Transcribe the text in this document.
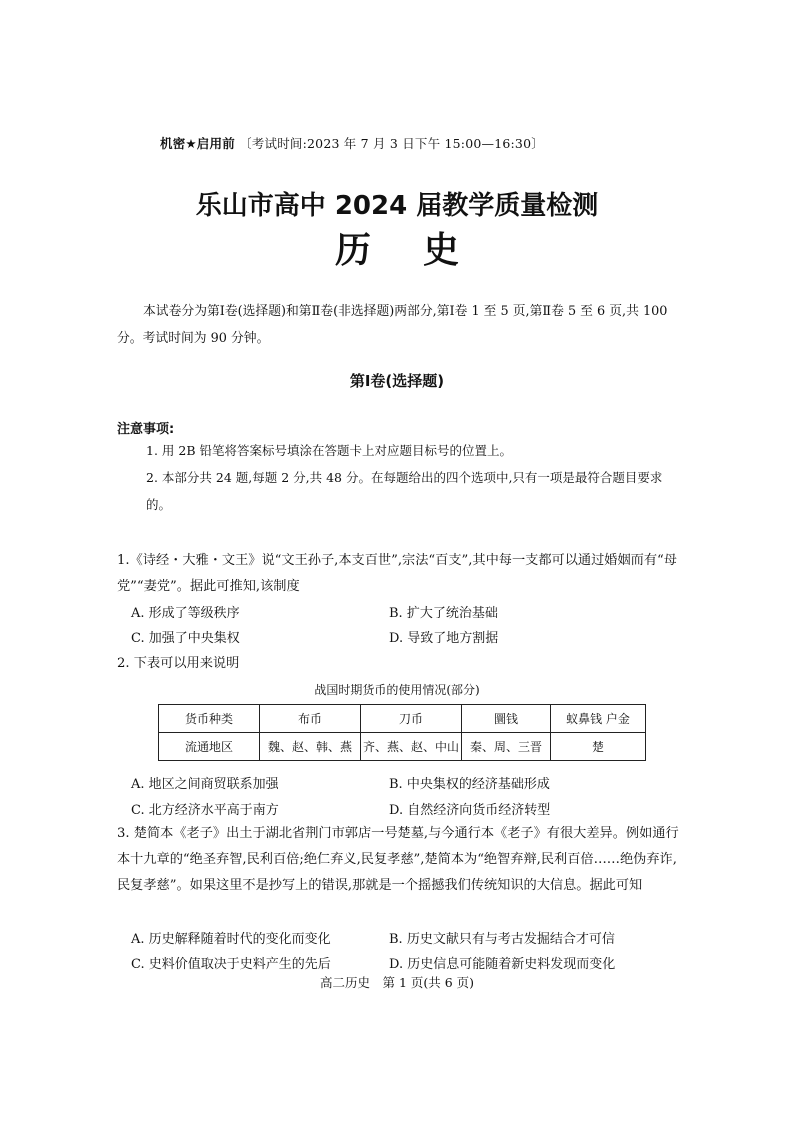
机密★启用前 〔考试时间:2023 年 7 月 3 日下午 15:00—16:30〕
乐山市高中 2024 届教学质量检测
历 史
本试卷分为第Ⅰ卷(选择题)和第Ⅱ卷(非选择题)两部分,第Ⅰ卷 1 至 5 页,第Ⅱ卷 5 至 6 页,共 100 分。考试时间为 90 分钟。
第Ⅰ卷(选择题)
注意事项:
1. 用 2B 铅笔将答案标号填涂在答题卡上对应题目标号的位置上。
2. 本部分共 24 题,每题 2 分,共 48 分。在每题给出的四个选项中,只有一项是最符合题目要求的。
1.《诗经・大雅・文王》说“文王孙子,本支百世”,宗法“百支”,其中每一支都可以通过婚姻而有“母党”“妻党”。据此可推知,该制度
A. 形成了等级秩序	B. 扩大了统治基础
C. 加强了中央集权	D. 导致了地方割据
2. 下表可以用来说明
战国时期货币的使用情况(部分)
货币种类	布币	刀币	圜钱	蚁鼻钱 户金
流通地区	魏、赵、韩、燕	齐、燕、赵、中山	秦、周、三晋	楚
A. 地区之间商贸联系加强	B. 中央集权的经济基础形成
C. 北方经济水平高于南方	D. 自然经济向货币经济转型
3. 楚简本《老子》出土于湖北省荆门市郭店一号楚墓,与今通行本《老子》有很大差异。例如通行本十九章的“绝圣弃智,民利百倍;绝仁弃义,民复孝慈”,楚简本为“绝智弃辩,民利百倍……绝伪弃诈,民复孝慈”。如果这里不是抄写上的错误,那就是一个摇撼我们传统知识的大信息。据此可知
A. 历史解释随着时代的变化而变化	B. 历史文献只有与考古发掘结合才可信
C. 史料价值取决于史料产生的先后	D. 历史信息可能随着新史料发现而变化
高二历史　第 1 页(共 6 页)
